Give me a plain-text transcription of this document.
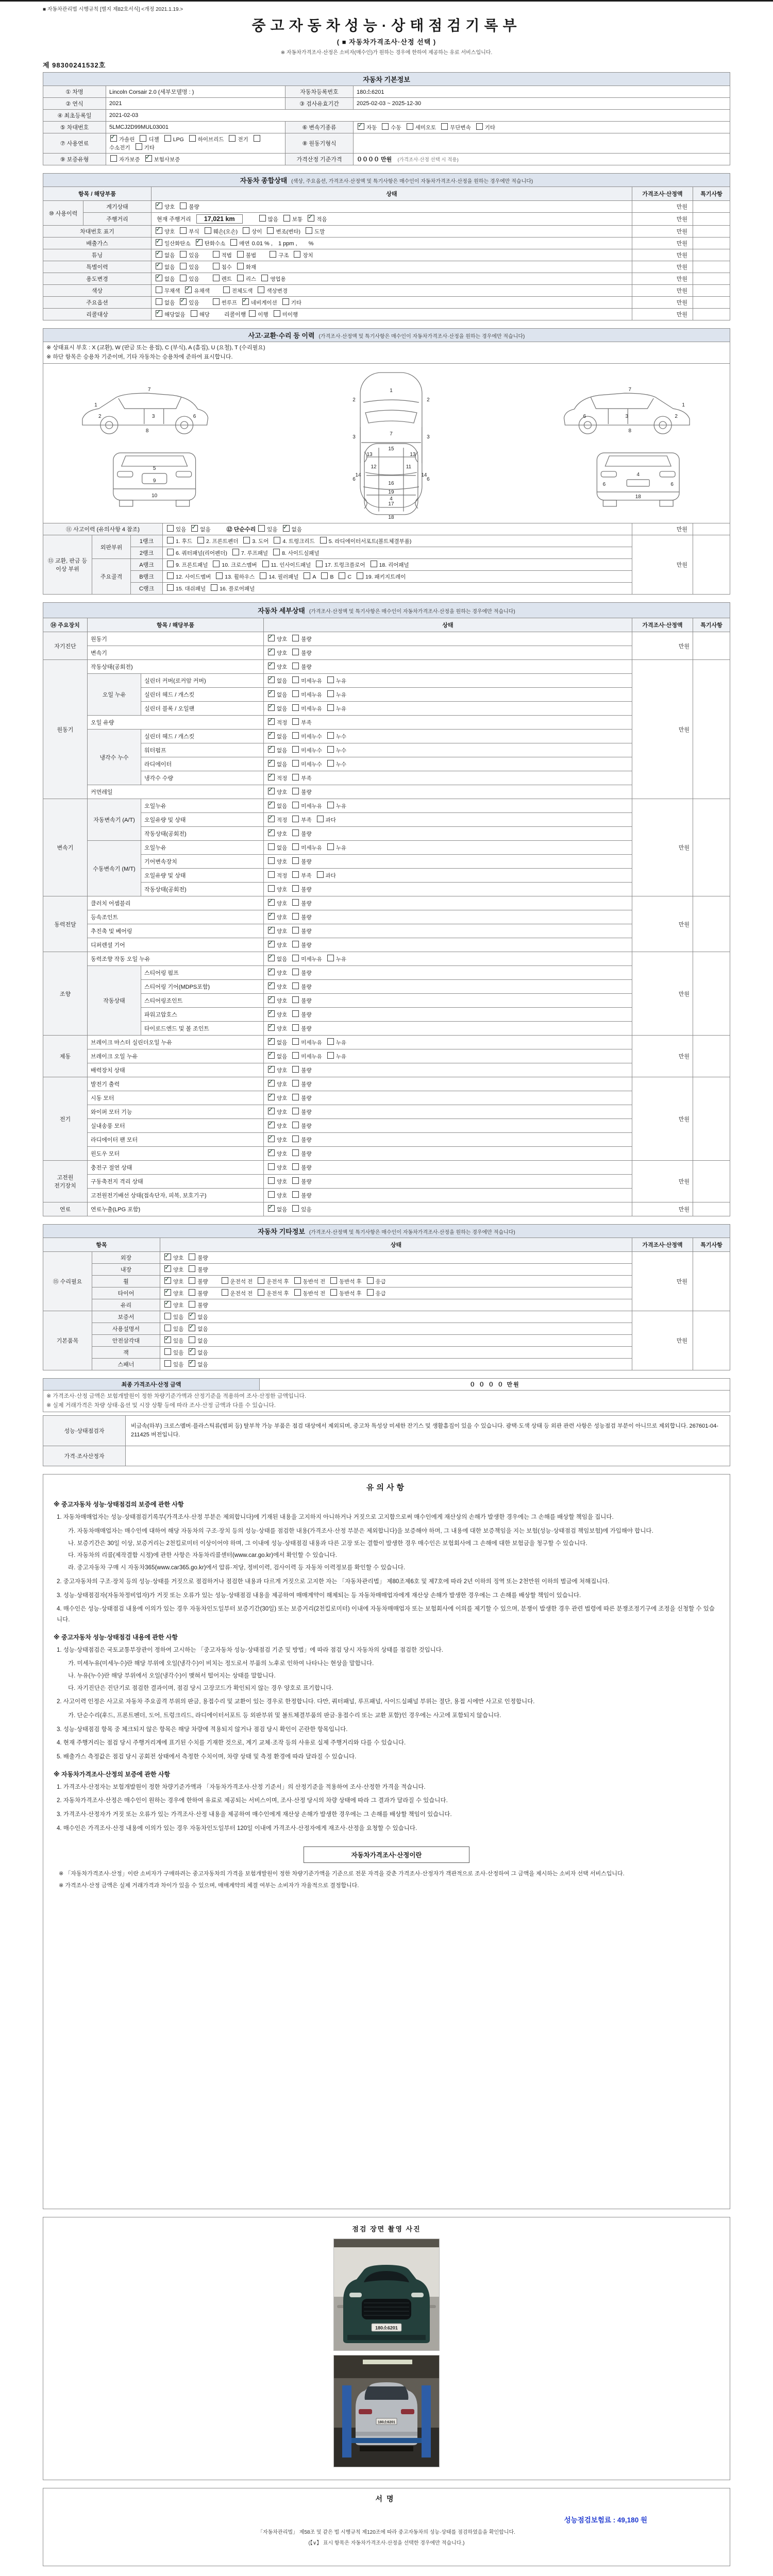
■ 자동차관리법 시행규칙 [별지 제82호서식] <개정 2021.1.19.>
중고자동차성능·상태점검기록부
( ■ 자동차가격조사·산정 선택 )
※ 자동차가격조사·산정은 소비자(매수인)가 원하는 경우에 한하여 제공하는 유료 서비스입니다.
제 98300241532호
자동차 기본정보			
① 차명	Lincoln Corsair 2.0 (세부모델명 : )	자동차등록번호	180소6201
② 연식	2021	③ 검사유효기간	2025-02-03 ~ 2025-12-30
④ 최초등록일	2021-02-03		
⑤ 차대번호	5LMCJ2D99MUL03001	⑥ 변속기종류	✓자동 수동 세미오토 무단변속 기타
⑦ 사용연료	✓가솔린 디젤 LPG 하이브리드 전기수소전기 기타	⑧ 원동기형식	
⑨ 보증유형	자가보증 ✓ 보험사보증	가격산정 기준가격	００００ 만원 (가격조사·산정 선택 시 적용)
자동차 종합상태 (색상, 주요옵션, 가격조사·산정액 및 특기사항은 매수인이 자동차가격조사·산정을 원하는 경우에만 적습니다)				
항목 / 해당부품		상태	가격조사·산정액	특기사항
⑩ 사용이력	계기상태	✓양호 불량	만원	
	주행거리	현재 주행거리 17,021 km 많음 보통 ✓ 적음	만원	
차대번호 표기	✓양호 부식 훼손(오손) 상이 변조(변타) 도말	만원	
배출가스	✓일산화탄소 ✓ 탄화수소 매연 0.01 % ,　1 ppm ,　　%	만원	
튜닝	✓없음 있음 적법 불법 구조 장치	만원	
특별이력	✓없음 있음 침수 화재	만원	
용도변경	✓없음 있음 렌트 리스 영업용	만원	
색상		무채색 ✓ 유채색 전체도색 색상변경	만원	
주요옵션		없음 ✓ 있음 썬루프 ✓ 네비게이션 기타	만원	
리콜대상	✓해당없음 해당 리콜이행 이행 미이행	만원	
사고·교환·수리 등 이력 (가격조사·산정액 및 특기사항은 매수인이 자동차가격조사·산정을 원하는 경우에만 적습니다)					

※ 상태표시 부호 : X (교환), W (판금 또는 용접), C (부식), A (흠집), U (요철), T (수리필요)
※ 하단 항목은 승용차 기준이며, 기타 자동차는 승용차에 준하여 표시합니다.					

1
2	3	6
7
8
1
7
4
2	2
3	3
6	6
2
3
6
7
8
1
5
9
10
15
12	11
13	13
14	14
16
19
17
18
4
18
6	6

⑪ 사고이력 (유의사항 4 참조)			있음 ✓ 없음 ⑫ 단순수리 있음 ✓ 없음	만원	
⑬ 교환, 판금 등 이상 부위	외판부위	1랭크	1. 후드 2. 프론트펜더 3. 도어 4. 트렁크리드 5. 라디에이터서포트(볼트체결부품)	만원	
		2랭크	6. 쿼터패널(리어펜더) 7. 루프패널 8. 사이드실패널		
	주요골격	A랭크	9. 프론트패널 10. 크로스멤버 11. 인사이드패널 17. 트렁크플로어 18. 리어패널		
		B랭크	12. 사이드멤버 13. 휠하우스 14. 필러패널 A B C 19. 패키지트레이		
		C랭크	15. 대쉬패널 16. 플로어패널		
자동차 세부상태 (가격조사·산정액 및 특기사항은 매수인이 자동차가격조사·산정을 원하는 경우에만 적습니다)					
⑭ 주요장치	항목 / 해당부품		상태	가격조사·산정액	특기사항
자기진단	원동기	✓양호 불량	만원	
	변속기	✓양호 불량
원동기	작동상태(공회전)	✓양호 불량	만원	
	오일 누유	실린더 커버(로커암 커버)	✓없음 미세누유 누유
		실린더 헤드 / 개스킷	✓없음 미세누유 누유
		실린더 블록 / 오일팬	✓없음 미세누유 누유
	오일 유량	✓적정 부족
	냉각수 누수	실린더 헤드 / 개스킷	✓없음 미세누수 누수
		워터펌프	✓없음 미세누수 누수
		라디에이터	✓없음 미세누수 누수
		냉각수 수량	✓적정 부족
	커먼레일	✓양호 불량
변속기	자동변속기 (A/T)	오일누유	✓없음 미세누유 누유	만원	
		오일유량 및 상태	✓적정 부족 과다
		작동상태(공회전)	✓양호 불량
	수동변속기 (M/T)	오일누유	없음 미세누유 누유		
		기어변속장치	양호 불량		
		오일유량 및 상태	적정 부족 과다		
		작동상태(공회전)	양호 불량		
동력전달	클러치 어셈블리	✓양호 불량	만원	
	등속조인트	✓양호 불량
	추진축 및 베어링	✓양호 불량
	디퍼렌셜 기어	✓양호 불량
조향	동력조향 작동 오일 누유	✓없음 미세누유 누유	만원	
	작동상태	스티어링 펌프	✓양호 불량
		스티어링 기어(MDPS포함)	✓양호 불량
		스티어링조인트	✓양호 불량
		파워고압호스	✓양호 불량
		타이로드엔드 및 볼 조인트	✓양호 불량
제동	브레이크 마스터 실린더오일 누유	✓없음 미세누유 누유	만원	
	브레이크 오일 누유	✓없음 미세누유 누유
	배력장치 상태	✓양호 불량
전기	발전기 출력	✓양호 불량	만원	
	시동 모터	✓양호 불량
	와이퍼 모터 기능	✓양호 불량
	실내송풍 모터	✓양호 불량
	라디에이터 팬 모터	✓양호 불량
	윈도우 모터	✓양호 불량
고전원 전기장치	충전구 절연 상태		양호 불량	만원	
	구동축전지 격리 상태		양호 불량		
	고전원전기배선 상태(접속단자, 피복, 보호기구)		양호 불량		
연료	연료누출(LPG 포함)	✓없음 있음	만원	
자동차 기타정보 (가격조사·산정액 및 특기사항은 매수인이 자동차가격조사·산정을 원하는 경우에만 적습니다)				
항목		상태	가격조사·산정액	특기사항
⑮ 수리필요	외장	✓양호 불량	만원	
	내장	✓양호 불량
	휠	✓양호 불량 운전석 전 운전석 후 동반석 전 동반석 후 응급
	타이어	✓양호 불량 운전석 전 운전석 후 동반석 전 동반석 후 응급
	유리	✓양호 불량
기본품목	보증서	있음 ✓ 없음	만원	
	사용설명서	있음 ✓ 없음
	안전삼각대	✓있음 없음
	잭	있음 ✓ 없음
	스패너	있음 ✓ 없음
최종 가격조사·산정 금액	０ ０ ０ ０ 만원

※ 가격조사·산정 금액은 보험개발원이 정한 차량기준가액과 산정기준을 적용하여 조사·산정한 금액입니다.
※ 실제 거래가격은 차량 상태·옵션 및 시장 상황 등에 따라 조사·산정 금액과 다를 수 있습니다.
성능·상태점검자	비금속(하부) 크로스멤버·플라스틱류(범퍼 등) 탈부착 가능 부품은 점검 대상에서 제외되며, 중고차 특성상 미세한 잔기스 및 생활흠집이 있을 수 있습니다. 광택·도색 상태 등 외관 관련 사항은 성능점검 부분이 아니므로 제외합니다. 267601-04-211425 버전입니다.
가격·조사산정자	
유의사항
※ 중고자동차 성능·상태점검의 보증에 관한 사항
1. 자동차매매업자는 성능·상태점검기록부(가격조사·산정 부분은 제외합니다)에 기재된 내용을 고지하지 아니하거나 거짓으로 고지함으로써 매수인에게 재산상의 손해가 발생한 경우에는 그 손해를 배상할 책임을 집니다.
가. 자동차매매업자는 매수인에 대하여 해당 자동차의 구조·장치 등의 성능·상태를 점검한 내용(가격조사·산정 부분은 제외합니다)을 보증해야 하며, 그 내용에 대한 보증책임을 지는 보험(성능·상태점검 책임보험)에 가입해야 합니다.
나. 보증기간은 30일 이상, 보증거리는 2천킬로미터 이상이어야 하며, 그 이내에 성능·상태점검 내용과 다른 고장 또는 결함이 발생한 경우 매수인은 보험회사에 그 손해에 대한 보험금을 청구할 수 있습니다.
다. 자동차의 리콜(제작결함 시정)에 관한 사항은 자동차리콜센터(www.car.go.kr)에서 확인할 수 있습니다.
라. 중고자동차 구매 시 자동차365(www.car365.go.kr)에서 압류·저당, 정비이력, 검사이력 등 자동차 이력정보를 확인할 수 있습니다.
2. 중고자동차의 구조·장치 등의 성능·상태를 거짓으로 점검하거나 점검한 내용과 다르게 거짓으로 고지한 자는 「자동차관리법」 제80조제6호 및 제7호에 따라 2년 이하의 징역 또는 2천만원 이하의 벌금에 처해집니다.
3. 성능·상태점검자(자동차정비업자)가 거짓 또는 오류가 있는 성능·상태점검 내용을 제공하여 매매계약이 해제되는 등 자동차매매업자에게 재산상 손해가 발생한 경우에는 그 손해를 배상할 책임이 있습니다.
4. 매수인은 성능·상태점검 내용에 이의가 있는 경우 자동차인도일부터 보증기간(30일) 또는 보증거리(2천킬로미터) 이내에 자동차매매업자 또는 보험회사에 이의를 제기할 수 있으며, 분쟁이 발생한 경우 관련 법령에 따른 분쟁조정기구에 조정을 신청할 수 있습니다.
※ 중고자동차 성능·상태점검 내용에 관한 사항
1. 성능·상태점검은 국토교통부장관이 정하여 고시하는 「중고자동차 성능·상태점검 기준 및 방법」에 따라 점검 당시 자동차의 상태를 점검한 것입니다.
가. 미세누유(미세누수)란 해당 부위에 오일(냉각수)이 비치는 정도로서 부품의 노후로 인하여 나타나는 현상을 말합니다.
나. 누유(누수)란 해당 부위에서 오일(냉각수)이 맺혀서 떨어지는 상태를 말합니다.
다. 자기진단은 진단기로 점검한 결과이며, 점검 당시 고장코드가 확인되지 않는 경우 양호로 표기합니다.
2. 사고이력 인정은 사고로 자동차 주요골격 부위의 판금, 용접수리 및 교환이 있는 경우로 한정합니다. 다만, 쿼터패널, 루프패널, 사이드실패널 부위는 절단, 용접 시에만 사고로 인정합니다.
가. 단순수리(후드, 프론트펜더, 도어, 트렁크리드, 라디에이터서포트 등 외판부위 및 볼트체결부품의 판금·용접수리 또는 교환 포함)인 경우에는 사고에 포함되지 않습니다.
3. 성능·상태점검 항목 중 체크되지 않은 항목은 해당 차량에 적용되지 않거나 점검 당시 확인이 곤란한 항목입니다.
4. 현재 주행거리는 점검 당시 주행거리계에 표기된 수치를 기재한 것으로, 계기 교체·조작 등의 사유로 실제 주행거리와 다를 수 있습니다.
5. 배출가스 측정값은 점검 당시 공회전 상태에서 측정한 수치이며, 차량 상태 및 측정 환경에 따라 달라질 수 있습니다.
※ 자동차가격조사·산정의 보증에 관한 사항
1. 가격조사·산정자는 보험개발원이 정한 차량기준가액과 「자동차가격조사·산정 기준서」의 산정기준을 적용하여 조사·산정한 가격을 적습니다.
2. 자동차가격조사·산정은 매수인이 원하는 경우에 한하여 유료로 제공되는 서비스이며, 조사·산정 당시의 차량 상태에 따라 그 결과가 달라질 수 있습니다.
3. 가격조사·산정자가 거짓 또는 오류가 있는 가격조사·산정 내용을 제공하여 매수인에게 재산상 손해가 발생한 경우에는 그 손해를 배상할 책임이 있습니다.
4. 매수인은 가격조사·산정 내용에 이의가 있는 경우 자동차인도일부터 120일 이내에 가격조사·산정자에게 재조사·산정을 요청할 수 있습니다.
자동차가격조사·산정이란
※ 「자동차가격조사·산정」이란 소비자가 구매하려는 중고자동차의 가격을 보험개발원이 정한 차량기준가액을 기준으로 전문 자격을 갖춘 가격조사·산정자가 객관적으로 조사·산정하여 그 금액을 제시하는 소비자 선택 서비스입니다.
※ 가격조사·산정 금액은 실제 거래가격과 차이가 있을 수 있으며, 매매계약의 체결 여부는 소비자가 자율적으로 결정합니다.
점검 장면 촬영 사진
180소6201
180소6201
서명
성능점검보험료 : 49,180 원
「자동차관리법」 제58조 및 같은 법 시행규칙 제120조에 따라 중고자동차의 성능·상태를 점검하였음을 확인합니다.
(【∨】 표시 항목은 자동차가격조사·산정을 선택한 경우에만 적습니다.)
